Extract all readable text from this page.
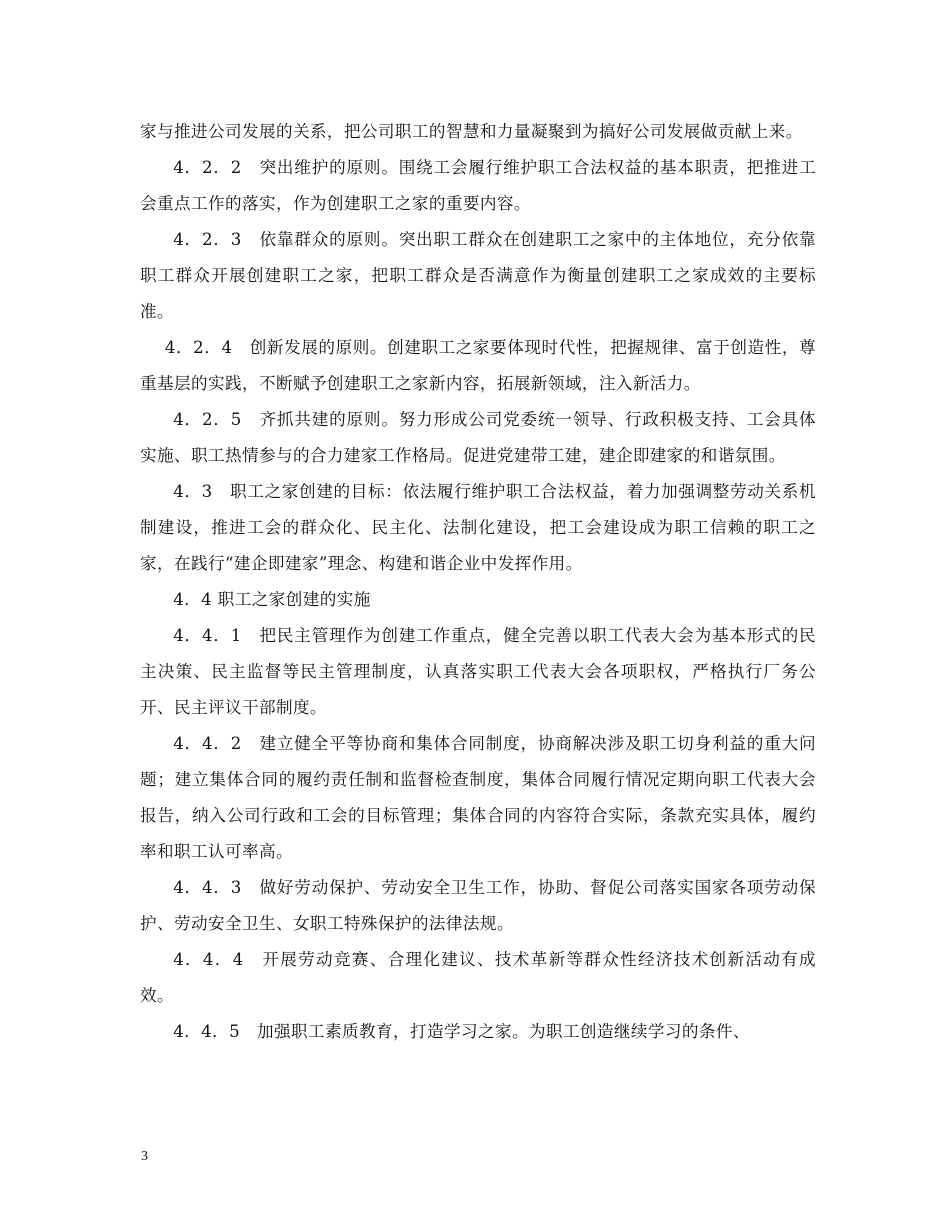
家与推进公司发展的关系，把公司职工的智慧和力量凝聚到为搞好公司发展做贡献上来。

4．2．2　突出维护的原则。围绕工会履行维护职工合法权益的基本职责，把推进工会重点工作的落实，作为创建职工之家的重要内容。

4．2．3　依靠群众的原则。突出职工群众在创建职工之家中的主体地位，充分依靠职工群众开展创建职工之家，把职工群众是否满意作为衡量创建职工之家成效的主要标准。

4．2．4　创新发展的原则。创建职工之家要体现时代性，把握规律、富于创造性，尊重基层的实践，不断赋予创建职工之家新内容，拓展新领域，注入新活力。

4．2．5　齐抓共建的原则。努力形成公司党委统一领导、行政积极支持、工会具体实施、职工热情参与的合力建家工作格局。促进党建带工建，建企即建家的和谐氛围。

4．3　职工之家创建的目标：依法履行维护职工合法权益，着力加强调整劳动关系机制建设，推进工会的群众化、民主化、法制化建设，把工会建设成为职工信赖的职工之家，在践行“建企即建家”理念、构建和谐企业中发挥作用。

4．4 职工之家创建的实施

4．4．1　把民主管理作为创建工作重点，健全完善以职工代表大会为基本形式的民主决策、民主监督等民主管理制度，认真落实职工代表大会各项职权，严格执行厂务公开、民主评议干部制度。

4．4．2　建立健全平等协商和集体合同制度，协商解决涉及职工切身利益的重大问题；建立集体合同的履约责任制和监督检查制度，集体合同履行情况定期向职工代表大会报告，纳入公司行政和工会的目标管理；集体合同的内容符合实际，条款充实具体，履约率和职工认可率高。

4．4．3　做好劳动保护、劳动安全卫生工作，协助、督促公司落实国家各项劳动保护、劳动安全卫生、女职工特殊保护的法律法规。

4．4．4　开展劳动竞赛、合理化建议、技术革新等群众性经济技术创新活动有成效。

4．4．5　加强职工素质教育，打造学习之家。为职工创造继续学习的条件、

3
